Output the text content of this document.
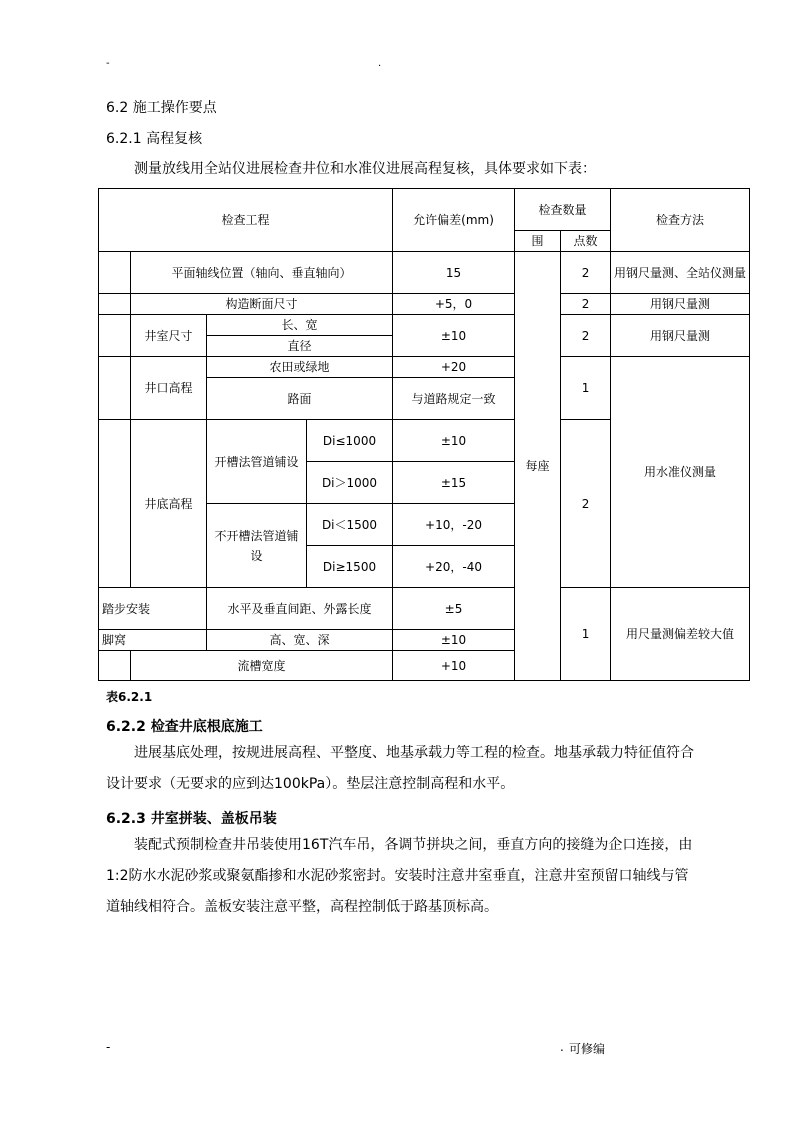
-	.
6.2 施工操作要点
6.2.1 高程复核
测量放线用全站仪进展检查井位和水准仪进展高程复核，具体要求如下表：
检查工程				允许偏差(mm)	检查数量		检查方法
					围	点数	
	平面轴线位置（轴向、垂直轴向）			15	每座	2	用钢尺量测、全站仪测量
	构造断面尺寸			+5，0		2	用钢尺量测
	井室尺寸	长、宽		±10		2	用钢尺量测
		直径					
	井口高程	农田或绿地		+20		1	用水准仪测量
		路面		与道路规定一致			
	井底高程	开槽法管道铺设	Di≤1000	±10		2	
			Di＞1000	±15			
		不开槽法管道铺设	Di＜1500	+10，-20			
			Di≥1500	+20，-40			
踏步安装		水平及垂直间距、外露长度		±5		1	用尺量测偏差较大值
脚窝		高、宽、深		±10			
	流槽宽度			+10			
表6.2.1
6.2.2 检查井底根底施工
进展基底处理，按规进展高程、平整度、地基承载力等工程的检查。地基承载力特征值符合设计要求（无要求的应到达100kPa）。垫层注意控制高程和水平。
6.2.3 井室拼装、盖板吊装
装配式预制检查井吊装使用16T汽车吊，各调节拼块之间，垂直方向的接缝为企口连接，由1:2防水水泥砂浆或聚氨酯掺和水泥砂浆密封。安装时注意井室垂直，注意井室预留口轴线与管道轴线相符合。盖板安装注意平整，高程控制低于路基顶标高。
-	. 可修编
